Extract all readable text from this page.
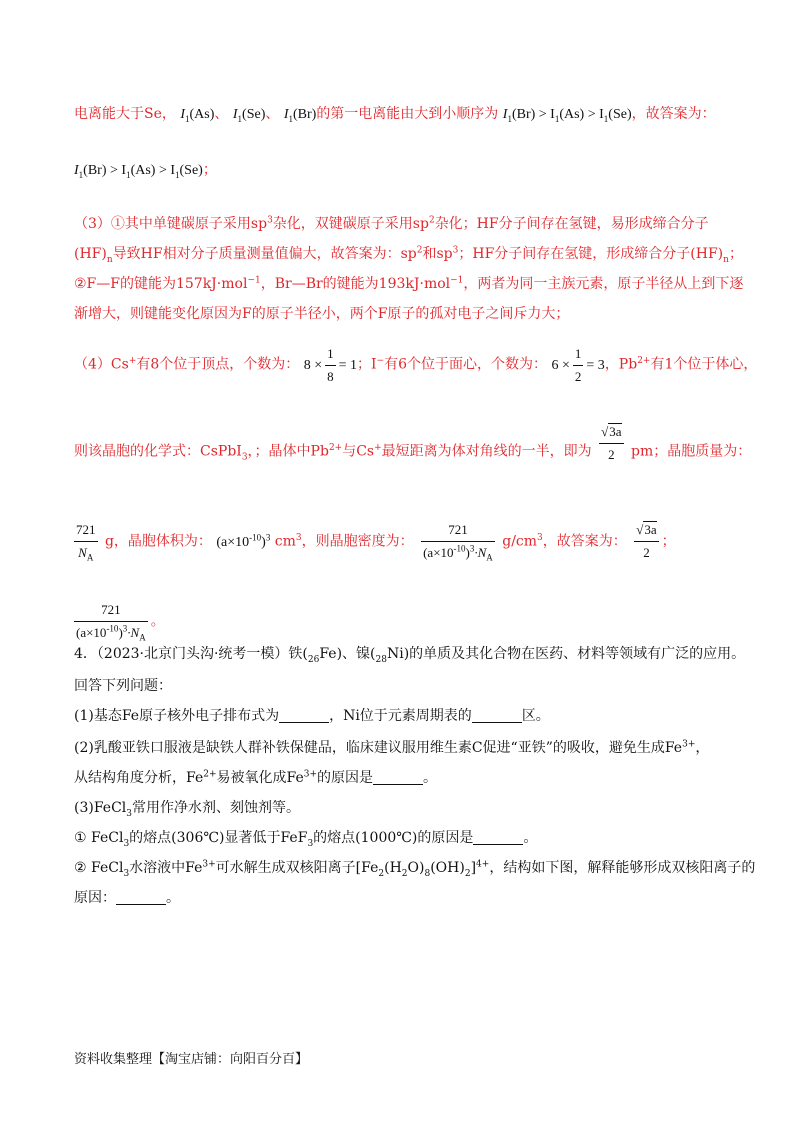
电离能大于Se， $I_1(As)$、 $I_1(Se)$、 $I_1(Br)$的第一电离能由大到小顺序为 $I_1(Br) > I_1(As) > I_1(Se)$，故答案为：
$I_1(Br) > I_1(As) > I_1(Se)$；
（3）①其中单键碳原子采用$sp^3$杂化，双键碳原子采用$sp^2$杂化；HF分子间存在氢键，易形成缔合分子
$(HF)_n$导致HF相对分子质量测量值偏大，故答案为：$sp^2$和$sp^3$；HF分子间存在氢键，形成缔合分子$(HF)_n$；
②F—F的键能为157kJ·mol$^{-1}$，Br—Br的键能为193kJ·mol$^{-1}$，两者为同一主族元素，原子半径从上到下逐
渐增大，则键能变化原因为F的原子半径小，两个F原子的孤对电子之间斥力大；
（4）Cs+有8个位于顶点，个数为： $8 \times \frac{1}{8} = 1$；I−有6个位于面心，个数为： $6 \times \frac{1}{2} = 3$，$Pb^{2+}$有1个位于体心，
则该晶胞的化学式：CsPbI$_3$，；晶体中$Pb^{2+}$与Cs+最短距离为体对角线的一半，即为 $\frac{√3a}{2}$ pm；晶胞质量为：
$\frac{721}{N_A}$ g，晶胞体积为： $(a\times 10^{-10})^3$ $cm^3$，则晶胞密度为： $\frac{721}{(a\times 10^{-10})^3\cdot N_A} g/cm^3$，故答案为： $\frac{√3a}{2}$ ；
$\frac{721}{(a\times 10^{-10})^3\cdot N_A}$ 。
4．（2023·北京门头沟·统考一模）铁$(_{26}Fe)$、镍$(_{28}Ni)$的单质及其化合物在医药、材料等领域有广泛的应用。
回答下列问题：
(1)基态Fe原子核外电子排布式为	，Ni位于元素周期表的	区。
(2)乳酸亚铁口服液是缺铁人群补铁保健品，临床建议服用维生素C促进“亚铁”的吸收，避免生成$Fe^{3+}$，
从结构角度分析，$Fe^{2+}$易被氧化成$Fe^{3+}$的原因是	。
(3)FeCl$_3$常用作净水剂、刻蚀剂等。
① FeCl$_3$的熔点(306℃)显著低于FeF$_3$的熔点(1000℃)的原因是	。
② FeCl$_3$水溶液中$Fe^{3+}$可水解生成双核阳离子$[Fe_2(H_2O)_8(OH)_2]^{4+}$，结构如下图，解释能够形成双核阳离子的
原因：	。
资料收集整理【淘宝店铺：向阳百分百】
